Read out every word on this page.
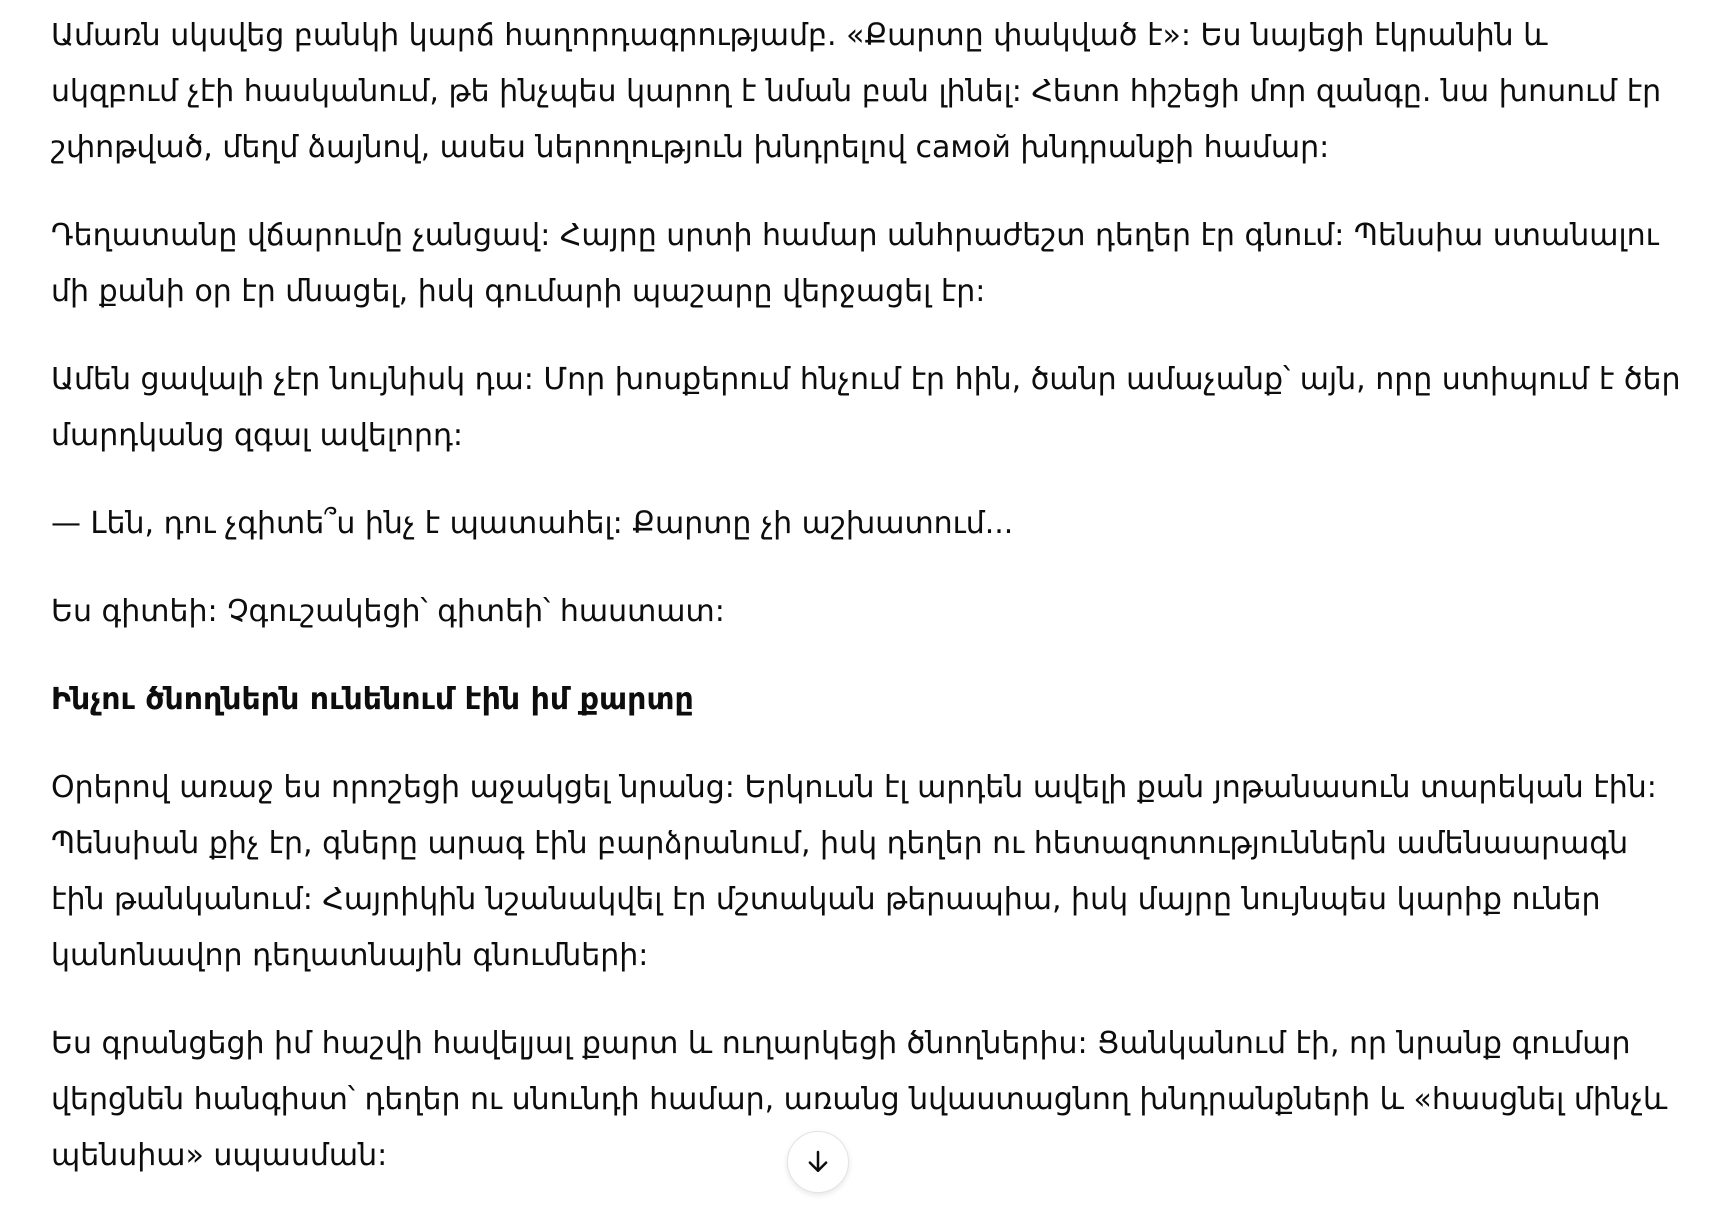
Ամառն սկսվեց բանկի կարճ հաղորդագրությամբ. «Քարտը փակված է»: Ես նայեցի էկրանին և
սկզբում չէի հասկանում, թե ինչպես կարող է նման բան լինել: Հետո հիշեցի մոր զանգը. նա խոսում էր
շփոթված, մեղմ ձայնով, ասես ներողություն խնդրելով самой խնդրանքի համար:
Դեղատանը վճարումը չանցավ: Հայրը սրտի համար անհրաժեշտ դեղեր էր գնում: Պենսիա ստանալու
մի քանի օր էր մնացել, իսկ գումարի պաշարը վերջացել էր:
Ամեն ցավալի չէր նույնիսկ դա: Մոր խոսքերում հնչում էր հին, ծանր ամաչանք՝ այն, որը ստիպում է ծեր
մարդկանց զգալ ավելորդ:
— Լեն, դու չգիտե՞ս ինչ է պատահել: Քարտը չի աշխատում...
Ես գիտեի: Չգուշակեցի՝ գիտեի՝ հաստատ:
Ինչու ծնողներն ունենում էին իմ քարտը
Օրերով առաջ ես որոշեցի աջակցել նրանց: Երկուսն էլ արդեն ավելի քան յոթանասուն տարեկան էին:
Պենսիան քիչ էր, գները արագ էին բարձրանում, իսկ դեղեր ու հետազոտություններն ամենաարագն
էին թանկանում: Հայրիկին նշանակվել էր մշտական թերապիա, իսկ մայրը նույնպես կարիք ուներ
կանոնավոր դեղատնային գնումների:
Ես գրանցեցի իմ հաշվի հավելյալ քարտ և ուղարկեցի ծնողներիս: Ցանկանում էի, որ նրանք գումար
վերցնեն հանգիստ՝ դեղեր ու սնունդի համար, առանց նվաստացնող խնդրանքների և «հասցնել մինչև
պենսիա» սպասման:
